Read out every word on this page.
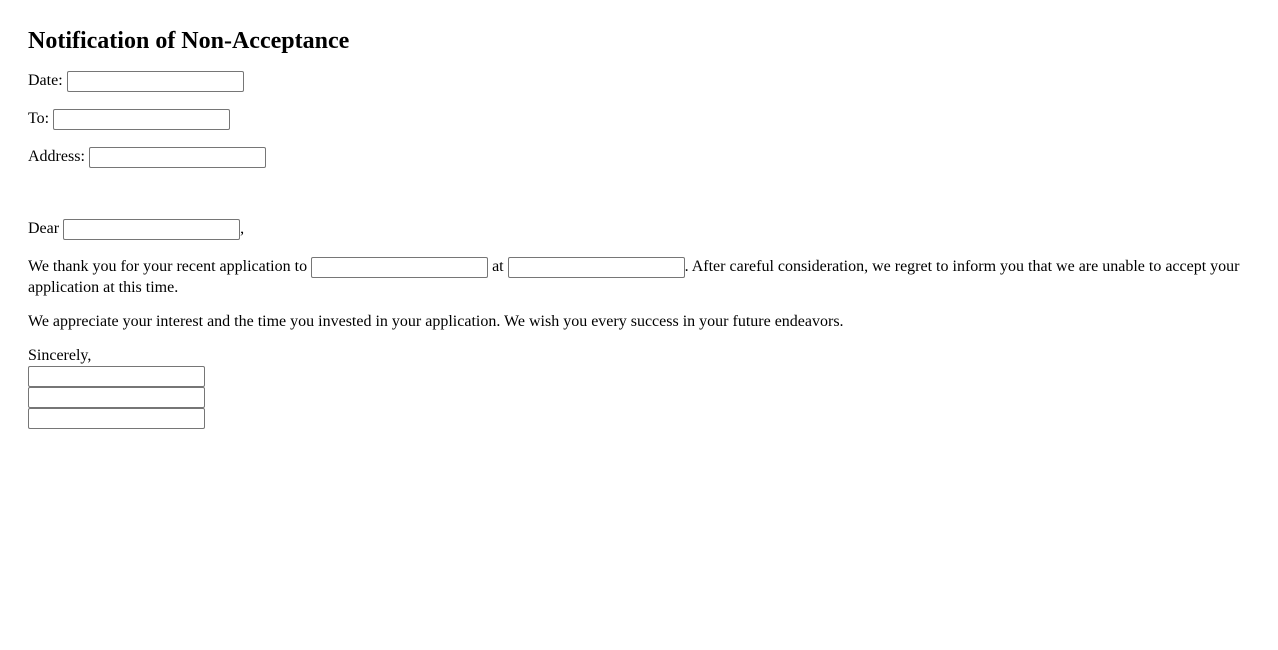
Notification of Non-Acceptance

Date:

To:

Address:

Dear	,

We thank you for your recent application to	at	. After careful consideration, we regret to inform you that we are unable to accept your application at this time.

We appreciate your interest and the time you invested in your application. We wish you every success in your future endeavors.

Sincerely,
